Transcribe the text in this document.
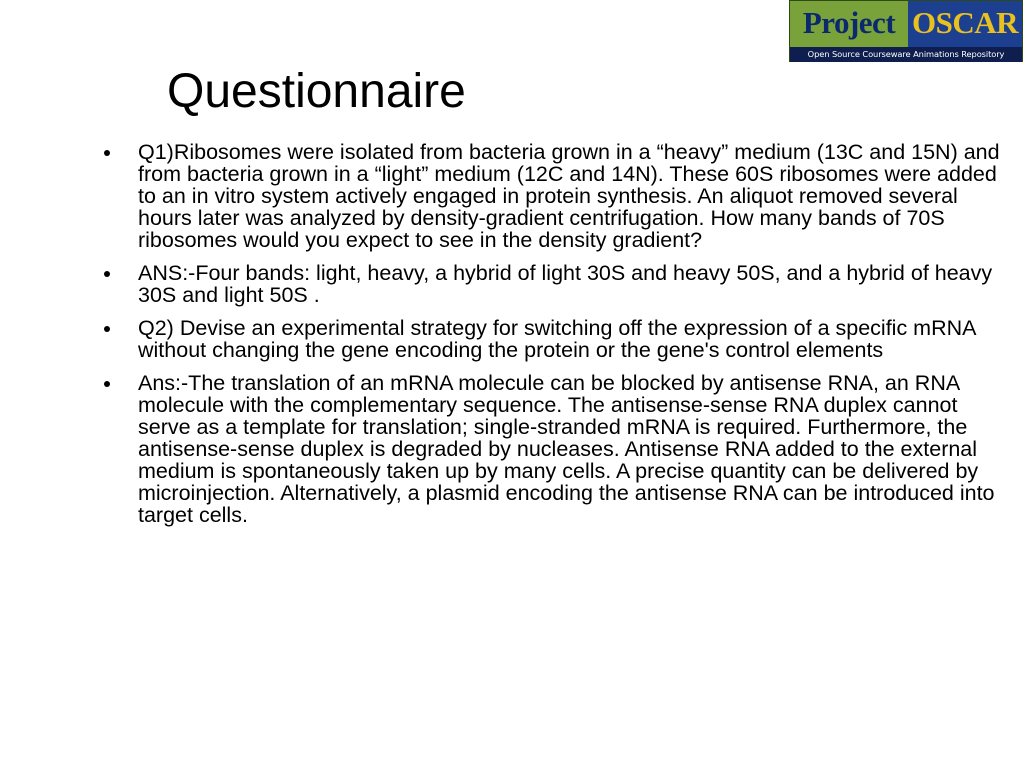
Project OSCAR
Open Source Courseware Animations Repository
Questionnaire
Q1)Ribosomes were isolated from bacteria grown in a “heavy” medium (13C and 15N) and from bacteria grown in a “light” medium (12C and 14N). These 60S ribosomes were added to an in vitro system actively engaged in protein synthesis. An aliquot removed several hours later was analyzed by density-gradient centrifugation. How many bands of 70S ribosomes would you expect to see in the density gradient?
ANS:-Four bands: light, heavy, a hybrid of light 30S and heavy 50S, and a hybrid of heavy 30S and light 50S .
Q2) Devise an experimental strategy for switching off the expression of a specific mRNA without changing the gene encoding the protein or the gene's control elements
Ans:-The translation of an mRNA molecule can be blocked by antisense RNA, an RNA molecule with the complementary sequence. The antisense-sense RNA duplex cannot serve as a template for translation; single-stranded mRNA is required. Furthermore, the antisense-sense duplex is degraded by nucleases. Antisense RNA added to the external medium is spontaneously taken up by many cells. A precise quantity can be delivered by microinjection. Alternatively, a plasmid encoding the antisense RNA can be introduced into target cells.
